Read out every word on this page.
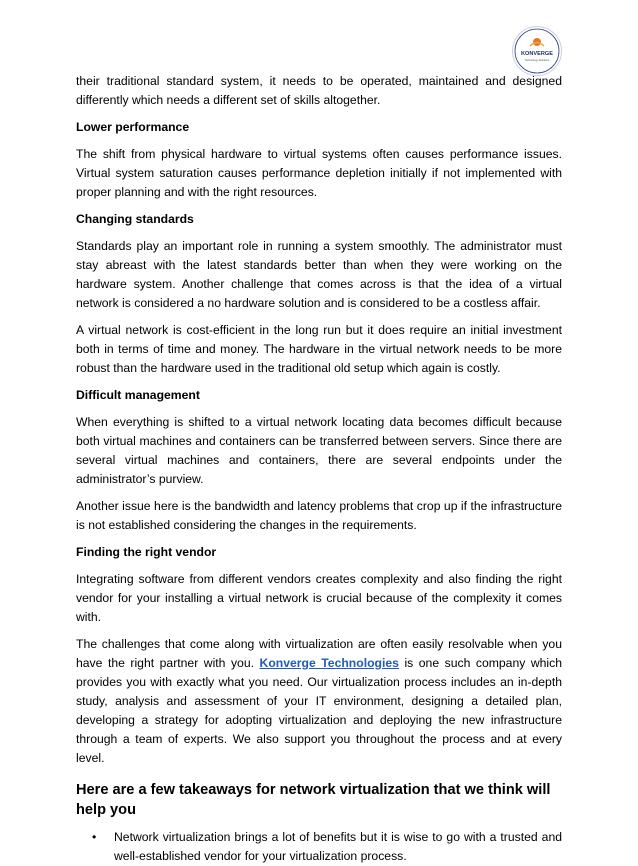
KONVERGE
Technology Solutions

their traditional standard system, it needs to be operated, maintained and designed differently which needs a different set of skills altogether.

Lower performance

The shift from physical hardware to virtual systems often causes performance issues. Virtual system saturation causes performance depletion initially if not implemented with proper planning and with the right resources.

Changing standards

Standards play an important role in running a system smoothly. The administrator must stay abreast with the latest standards better than when they were working on the hardware system. Another challenge that comes across is that the idea of a virtual network is considered a no hardware solution and is considered to be a costless affair.

A virtual network is cost-efficient in the long run but it does require an initial investment both in terms of time and money. The hardware in the virtual network needs to be more robust than the hardware used in the traditional old setup which again is costly.

Difficult management

When everything is shifted to a virtual network locating data becomes difficult because both virtual machines and containers can be transferred between servers. Since there are several virtual machines and containers, there are several endpoints under the administrator’s purview.

Another issue here is the bandwidth and latency problems that crop up if the infrastructure is not established considering the changes in the requirements.

Finding the right vendor

Integrating software from different vendors creates complexity and also finding the right vendor for your installing a virtual network is crucial because of the complexity it comes with.

The challenges that come along with virtualization are often easily resolvable when you have the right partner with you. Konverge Technologies is one such company which provides you with exactly what you need. Our virtualization process includes an in-depth study, analysis and assessment of your IT environment, designing a detailed plan, developing a strategy for adopting virtualization and deploying the new infrastructure through a team of experts. We also support you throughout the process and at every level.

Here are a few takeaways for network virtualization that we think will help you
• Network virtualization brings a lot of benefits but it is wise to go with a trusted and well-established vendor for your virtualization process.
